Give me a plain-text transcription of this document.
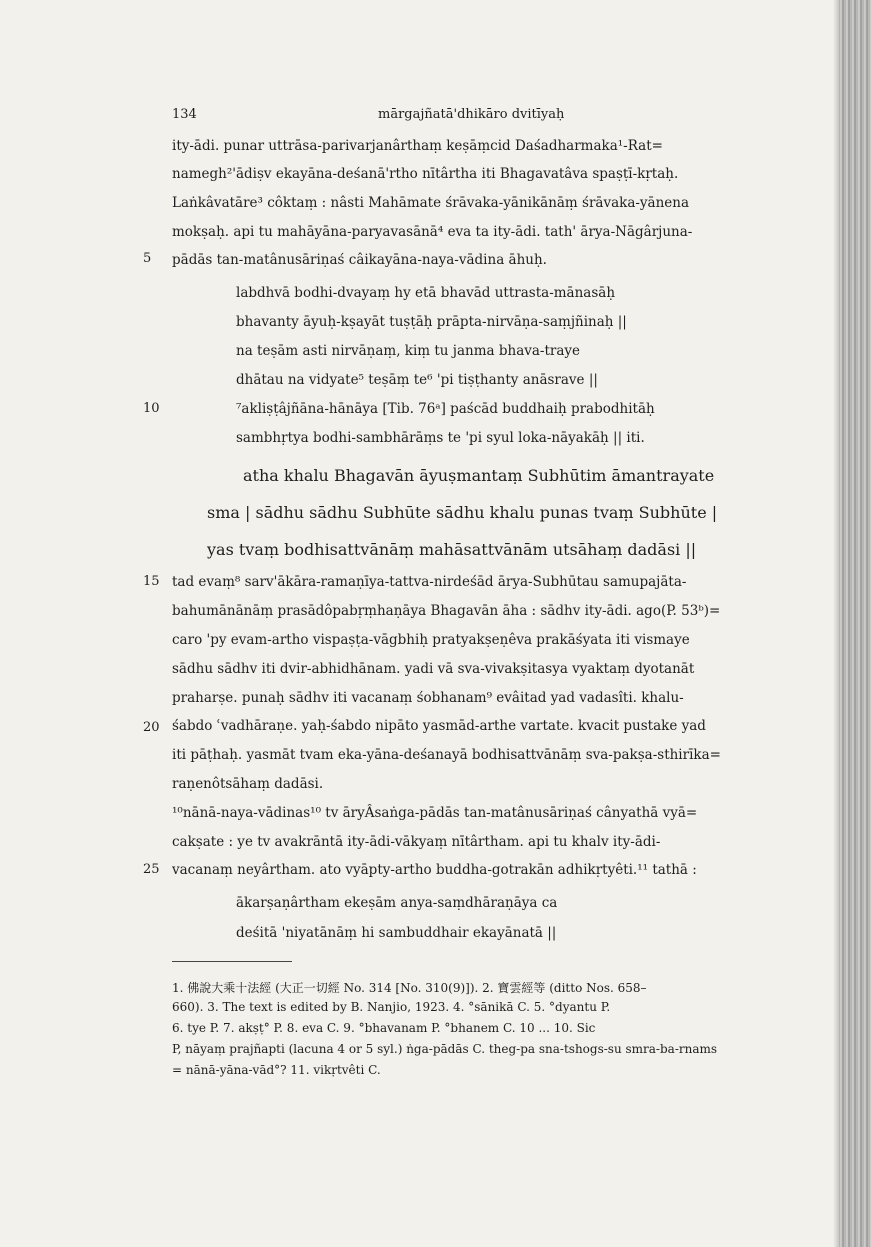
134	mārgajñatā'dhikāro dvitīyaḥ
5
10
15
20
25
ity-ādi. punar uttrāsa-parivarjanârthaṃ keṣāṃcid Daśadharmaka¹-Rat=
namegh²'ādiṣv ekayāna-deśanā'rtho nītârtha iti Bhagavatâva spaṣṭī-kṛtaḥ.
Laṅkâvatāre³ côktaṃ : nâsti Mahāmate śrāvaka-yānikānāṃ śrāvaka-yānena
mokṣaḥ. api tu mahāyāna-paryavasānā⁴ eva ta ity-ādi. tath' ārya-Nāgârjuna-
pādās tan-matânusāriṇaś câikayāna-naya-vādina āhuḥ.
labdhvā bodhi-dvayaṃ hy etā bhavād uttrasta-mānasāḥ
bhavanty āyuḥ-kṣayāt tuṣṭāḥ prāpta-nirvāṇa-saṃjñinaḥ ||
na teṣām asti nirvāṇaṃ, kiṃ tu janma bhava-traye
dhātau na vidyate⁵ teṣāṃ te⁶ 'pi tiṣṭhanty anāsrave ||
⁷akliṣṭâjñāna-hānāya [Tib. 76ᵃ] paścād buddhaiḥ prabodhitāḥ
sambhṛtya bodhi-sambhārāṃs te 'pi syul loka-nāyakāḥ || iti.
atha khalu Bhagavān āyuṣmantaṃ Subhūtim āmantrayate
sma | sādhu sādhu Subhūte sādhu khalu punas tvaṃ Subhūte |
yas tvaṃ bodhisattvānāṃ mahāsattvānām utsāhaṃ dadāsi ||
tad evaṃ⁸ sarv'ākāra-ramaṇīya-tattva-nirdeśād ārya-Subhūtau samupajāta-
bahumānānāṃ prasādôpabṛṃhaṇāya Bhagavān āha : sādhv ity-ādi. ago(P. 53ᵇ)=
caro 'py evam-artho vispaṣṭa-vāgbhiḥ pratyakṣeṇêva prakāśyata iti vismaye
sādhu sādhv iti dvir-abhidhānam. yadi vā sva-vivakṣitasya vyaktaṃ dyotanāt
praharṣe. punaḥ sādhv iti vacanaṃ śobhanam⁹ evâitad yad vadasîti. khalu-
śabdo ʿvadhāraṇe. yaḥ-śabdo nipāto yasmād-arthe vartate. kvacit pustake yad
iti pāṭhaḥ. yasmāt tvam eka-yāna-deśanayā bodhisattvānāṃ sva-pakṣa-sthirīka=
raṇenôtsāhaṃ dadāsi.
¹⁰nānā-naya-vādinas¹⁰ tv āryÂsaṅga-pādās tan-matânusāriṇaś cânyathā vyā=
cakṣate : ye tv avakrāntā ity-ādi-vākyaṃ nītârtham. api tu khalv ity-ādi-
vacanaṃ neyârtham. ato vyāpty-artho buddha-gotrakān adhikṛtyêti.¹¹ tathā :
ākarṣaṇârtham ekeṣām anya-saṃdhāraṇāya ca
deśitā 'niyatānāṃ hi sambuddhair ekayānatā ||
1. 佛說大乘十法經 (大正一切經 No. 314 [No. 310(9)]). 2. 寶雲經等 (ditto Nos. 658–
660). 3. The text is edited by B. Nanjio, 1923. 4. °sānikā C. 5. °dyantu P.
6. tye P. 7. akṣṭ° P. 8. eva C. 9. °bhavanam P. °bhanem C. 10 ... 10. Sic
P, nāyaṃ prajñapti (lacuna 4 or 5 syl.) ṅga-pādās C. theg-pa sna-tshogs-su smra-ba-rnams
= nānā-yāna-vād°? 11. vikṛtvêti C.
